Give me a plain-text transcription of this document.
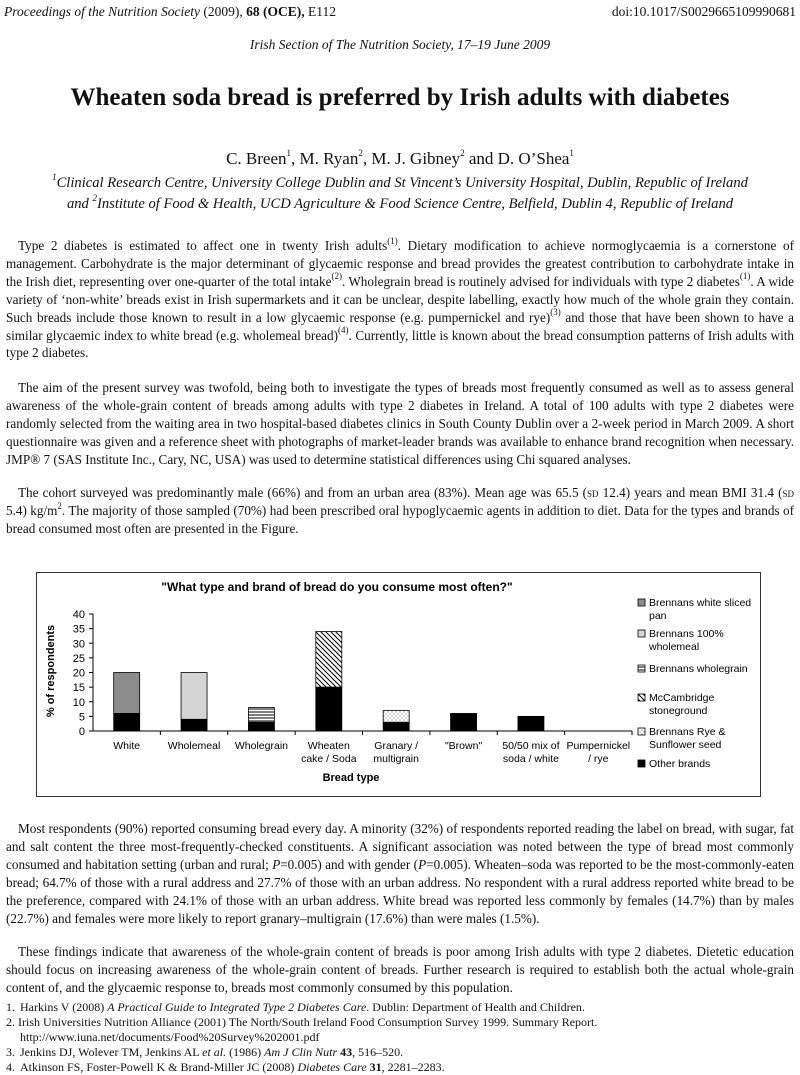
Proceedings of the Nutrition Society (2009), 68 (OCE), E112	doi:10.1017/S0029665109990681
Irish Section of The Nutrition Society, 17–19 June 2009
Wheaten soda bread is preferred by Irish adults with diabetes
C. Breen$^1$, M. Ryan$^2$, M. J. Gibney$^2$ and D. O’Shea$^1$
$^1$Clinical Research Centre, University College Dublin and St Vincent’s University Hospital, Dublin, Republic of Ireland
and $^2$Institute of Food & Health, UCD Agriculture & Food Science Centre, Belfield, Dublin 4, Republic of Ireland

Type 2 diabetes is estimated to affect one in twenty Irish adults$^{(1)}$. Dietary modification to achieve normoglycaemia is a cornerstone of management. Carbohydrate is the major determinant of glycaemic response and bread provides the greatest contribution to carbohydrate intake in the Irish diet, representing over one-quarter of the total intake$^{(2)}$. Wholegrain bread is routinely advised for individuals with type 2 diabetes$^{(1)}$. A wide variety of ‘non-white’ breads exist in Irish supermarkets and it can be unclear, despite labelling, exactly how much of the whole grain they contain. Such breads include those known to result in a low glycaemic response (e.g. pumpernickel and rye)$^{(3)}$ and those that have been shown to have a similar glycaemic index to white bread (e.g. wholemeal bread)$^{(4)}$. Currently, little is known about the bread consumption patterns of Irish adults with type 2 diabetes.

The aim of the present survey was twofold, being both to investigate the types of breads most frequently consumed as well as to assess general awareness of the whole-grain content of breads among adults with type 2 diabetes in Ireland. A total of 100 adults with type 2 diabetes were randomly selected from the waiting area in two hospital-based diabetes clinics in South County Dublin over a 2-week period in March 2009. A short questionnaire was given and a reference sheet with photographs of market-leader brands was available to enhance brand recognition when necessary. JMP® 7 (SAS Institute Inc., Cary, NC, USA) was used to determine statistical differences using Chi squared analyses.

The cohort surveyed was predominantly male (66%) and from an urban area (83%). Mean age was 65.5 (sd 12.4) years and mean BMI 31.4 (sd 5.4) $kg/m^2$. The majority of those sampled (70%) had been prescribed oral hypoglycaemic agents in addition to diet. Data for the types and brands of bread consumed most often are presented in the Figure.

"What type and brand of bread do you consume most often?"
% of respondents
Bread type
0
5
10
15
20
25
30
35
40
White	Wholemeal Wholegrain Wheaten
cake / Soda
Granary /
multigrain
"Brown" 50/50 mix of
soda / white
Pumpernickel
/ rye
Brennans white sliced
pan
Brennans 100%
wholemeal
Brennans wholegrain
McCambridge
stoneground
Brennans Rye &
Sunflower seed
Other brands

Most respondents (90%) reported consuming bread every day. A minority (32%) of respondents reported reading the label on bread, with sugar, fat and salt content the three most-frequently-checked constituents. A significant association was noted between the type of bread most commonly consumed and habitation setting (urban and rural; P=0.005) and with gender (P=0.005). Wheaten–soda was reported to be the most-commonly-eaten bread; 64.7% of those with a rural address and 27.7% of those with an urban address. No respondent with a rural address reported white bread to be the preference, compared with 24.1% of those with an urban address. White bread was reported less commonly by females (14.7%) than by males (22.7%) and females were more likely to report granary–multigrain (17.6%) than were males (1.5%).

These findings indicate that awareness of the whole-grain content of breads is poor among Irish adults with type 2 diabetes. Dietetic education should focus on increasing awareness of the whole-grain content of breads. Further research is required to establish both the actual whole-grain content of, and the glycaemic response to, breads most commonly consumed by this population.

1. Harkins V (2008) A Practical Guide to Integrated Type 2 Diabetes Care. Dublin: Department of Health and Children.
2. Irish Universities Nutrition Alliance (2001) The North/South Ireland Food Consumption Survey 1999. Summary Report. http://www.iuna.net/documents/Food%20Survey%202001.pdf
3. Jenkins DJ, Wolever TM, Jenkins AL et al. (1986) Am J Clin Nutr 43, 516–520.
4. Atkinson FS, Foster-Powell K & Brand-Miller JC (2008) Diabetes Care 31, 2281–2283.
